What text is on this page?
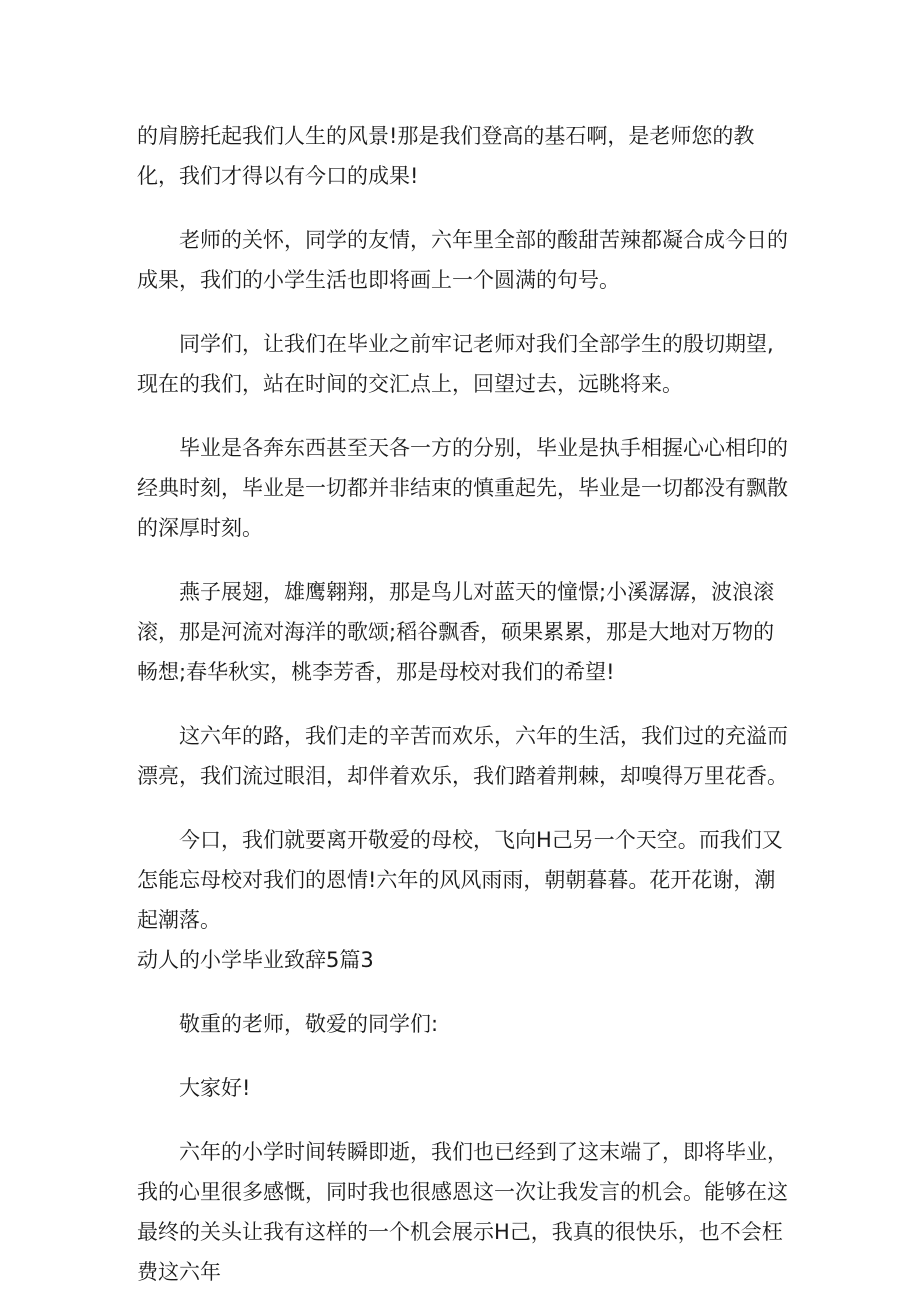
的肩膀托起我们人生的风景!那是我们登高的基石啊，是老师您的教化，我们才得以有今口的成果!

老师的关怀，同学的友情，六年里全部的酸甜苦辣都凝合成今日的成果，我们的小学生活也即将画上一个圆满的句号。

同学们，让我们在毕业之前牢记老师对我们全部学生的殷切期望,现在的我们，站在时间的交汇点上，回望过去，远眺将来。

毕业是各奔东西甚至天各一方的分别，毕业是执手相握心心相印的经典时刻，毕业是一切都并非结束的慎重起先，毕业是一切都没有飘散的深厚时刻。

燕子展翅，雄鹰翱翔，那是鸟儿对蓝天的憧憬;小溪潺潺，波浪滚滚，那是河流对海洋的歌颂;稻谷飘香，硕果累累，那是大地对万物的畅想;春华秋实，桃李芳香，那是母校对我们的希望!

这六年的路，我们走的辛苦而欢乐，六年的生活，我们过的充溢而漂亮，我们流过眼泪，却伴着欢乐，我们踏着荆棘，却嗅得万里花香。

今口，我们就要离开敬爱的母校，飞向H己另一个天空。而我们又怎能忘母校对我们的恩情!六年的风风雨雨，朝朝暮暮。花开花谢，潮起潮落。

动人的小学毕业致辞5篇3

敬重的老师，敬爱的同学们:

大家好!

六年的小学时间转瞬即逝，我们也已经到了这末端了，即将毕业，我的心里很多感慨，同时我也很感恩这一次让我发言的机会。能够在这最终的关头让我有这样的一个机会展示H己，我真的很快乐，也不会枉费这六年
